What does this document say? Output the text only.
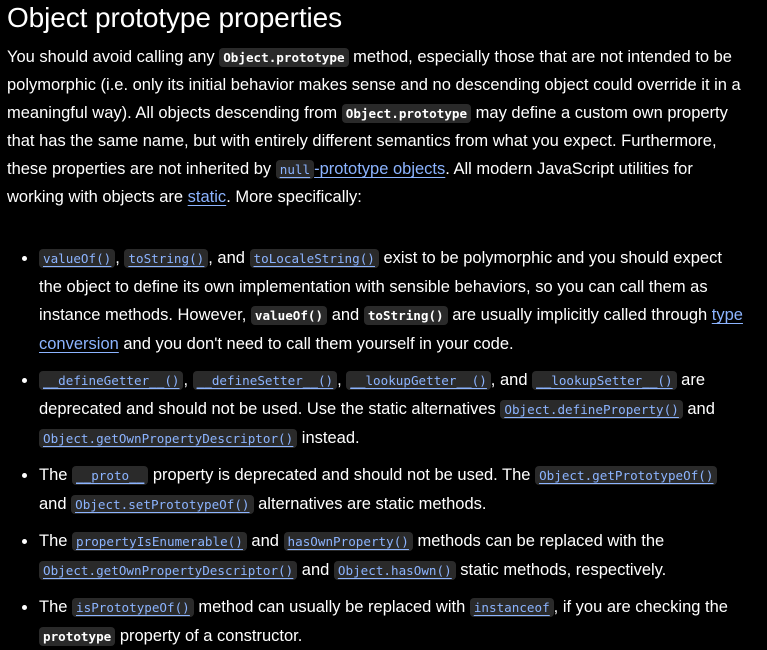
Object prototype properties
You should avoid calling any Object.prototype method, especially those that are not intended to be
polymorphic (i.e. only its initial behavior makes sense and no descending object could override it in a
meaningful way). All objects descending from Object.prototype may define a custom own property
that has the same name, but with entirely different semantics from what you expect. Furthermore,
these properties are not inherited by null -prototype objects. All modern JavaScript utilities for
working with objects are static. More specifically:
valueOf() , toString() , and toLocaleString() exist to be polymorphic and you should expect
the object to define its own implementation with sensible behaviors, so you can call them as
instance methods. However, valueOf() and toString() are usually implicitly called through type
conversion and you don't need to call them yourself in your code.
__defineGetter__() , __defineSetter__() , __lookupGetter__() , and __lookupSetter__() are
deprecated and should not be used. Use the static alternatives Object.defineProperty() and
Object.getOwnPropertyDescriptor() instead.
The __proto__ property is deprecated and should not be used. The Object.getPrototypeOf()
and Object.setPrototypeOf() alternatives are static methods.
The propertyIsEnumerable() and hasOwnProperty() methods can be replaced with the
Object.getOwnPropertyDescriptor() and Object.hasOwn() static methods, respectively.
The isPrototypeOf() method can usually be replaced with instanceof , if you are checking the
prototype property of a constructor.
